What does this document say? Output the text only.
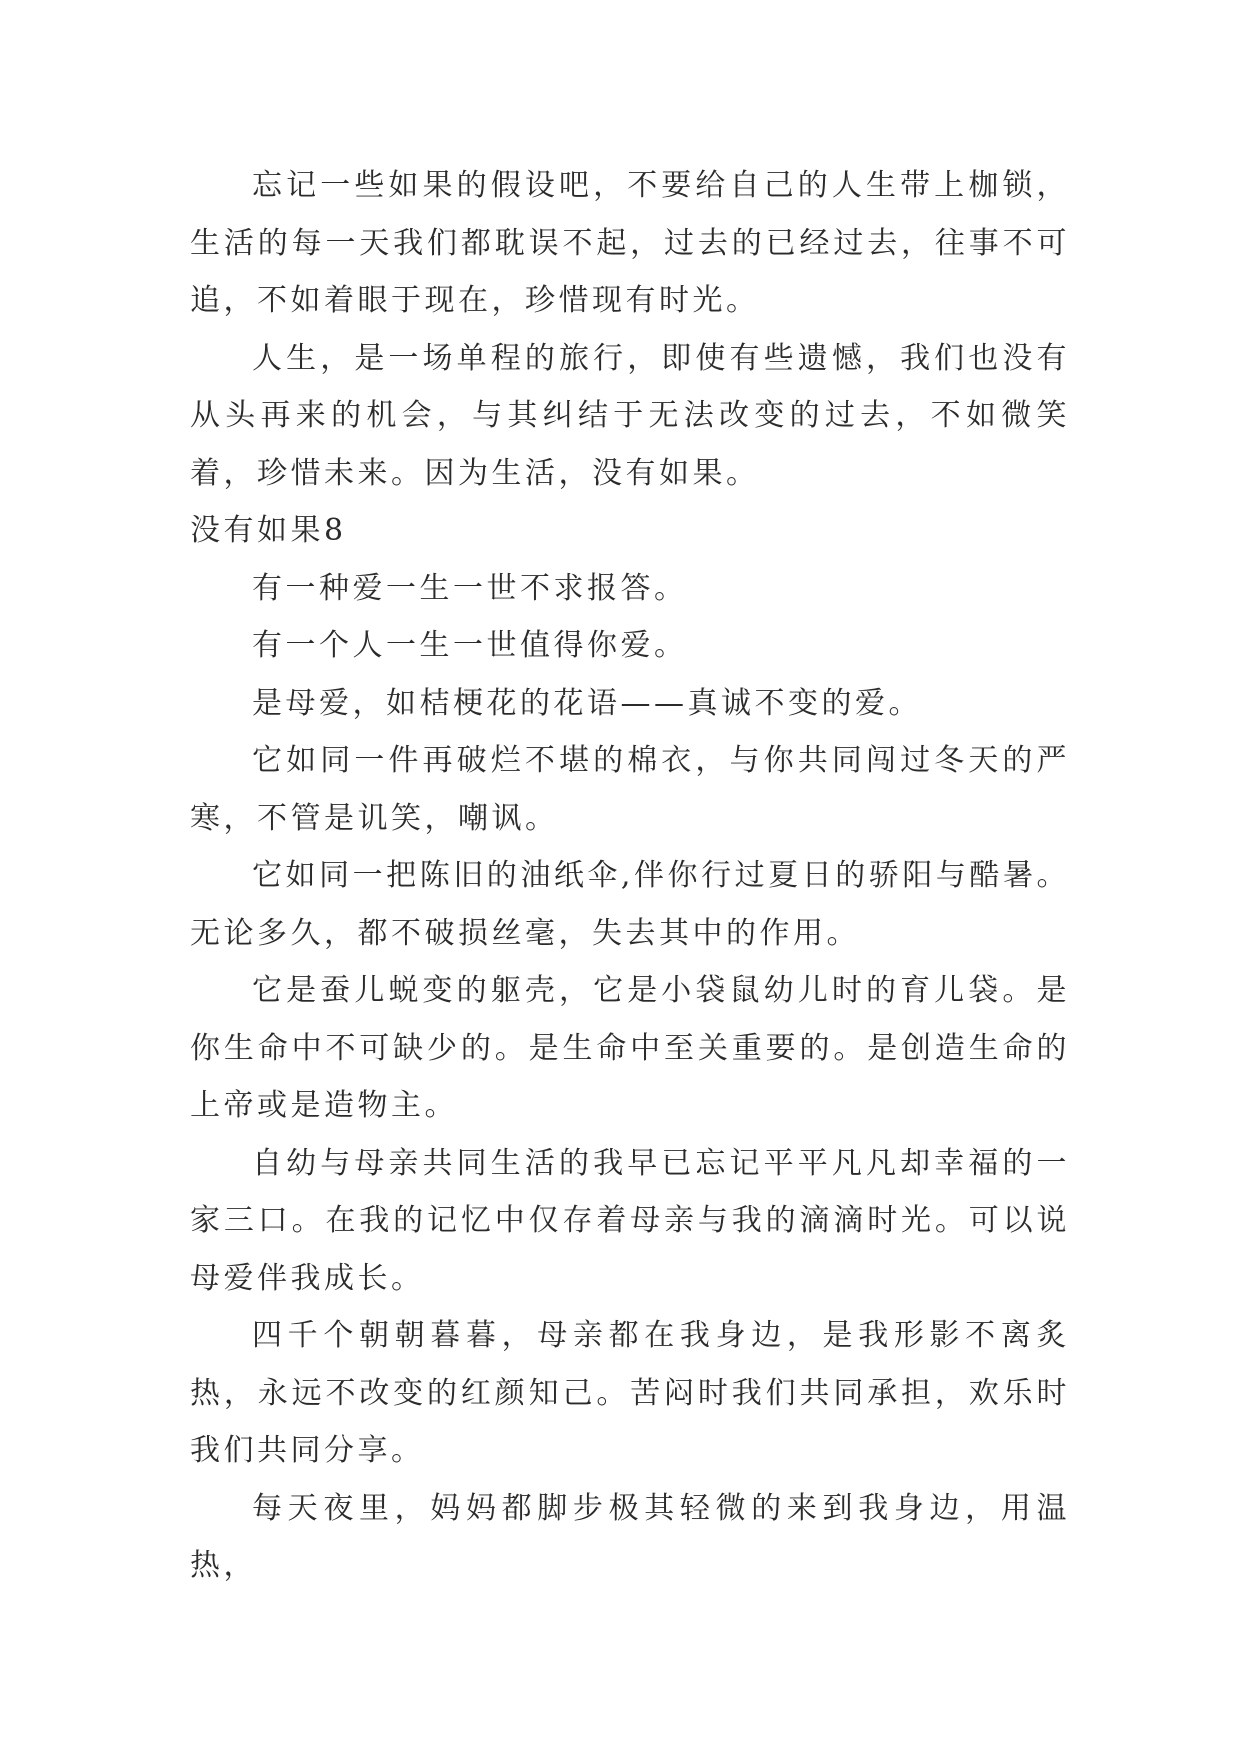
忘记一些如果的假设吧，不要给自己的人生带上枷锁，生活的每一天我们都耽误不起，过去的已经过去，往事不可追，不如着眼于现在，珍惜现有时光。

人生，是一场单程的旅行，即使有些遗憾，我们也没有从头再来的机会，与其纠结于无法改变的过去，不如微笑着，珍惜未来。因为生活，没有如果。

没有如果8

有一种爱一生一世不求报答。

有一个人一生一世值得你爱。

是母爱，如桔梗花的花语——真诚不变的爱。

它如同一件再破烂不堪的棉衣，与你共同闯过冬天的严寒，不管是讥笑，嘲讽。

它如同一把陈旧的油纸伞,伴你行过夏日的骄阳与酷暑。无论多久，都不破损丝毫，失去其中的作用。

它是蚕儿蜕变的躯壳，它是小袋鼠幼儿时的育儿袋。是你生命中不可缺少的。是生命中至关重要的。是创造生命的上帝或是造物主。

自幼与母亲共同生活的我早已忘记平平凡凡却幸福的一家三口。在我的记忆中仅存着母亲与我的滴滴时光。可以说母爱伴我成长。

四千个朝朝暮暮，母亲都在我身边，是我形影不离炙热，永远不改变的红颜知己。苦闷时我们共同承担，欢乐时我们共同分享。

每天夜里，妈妈都脚步极其轻微的来到我身边，用温热，
